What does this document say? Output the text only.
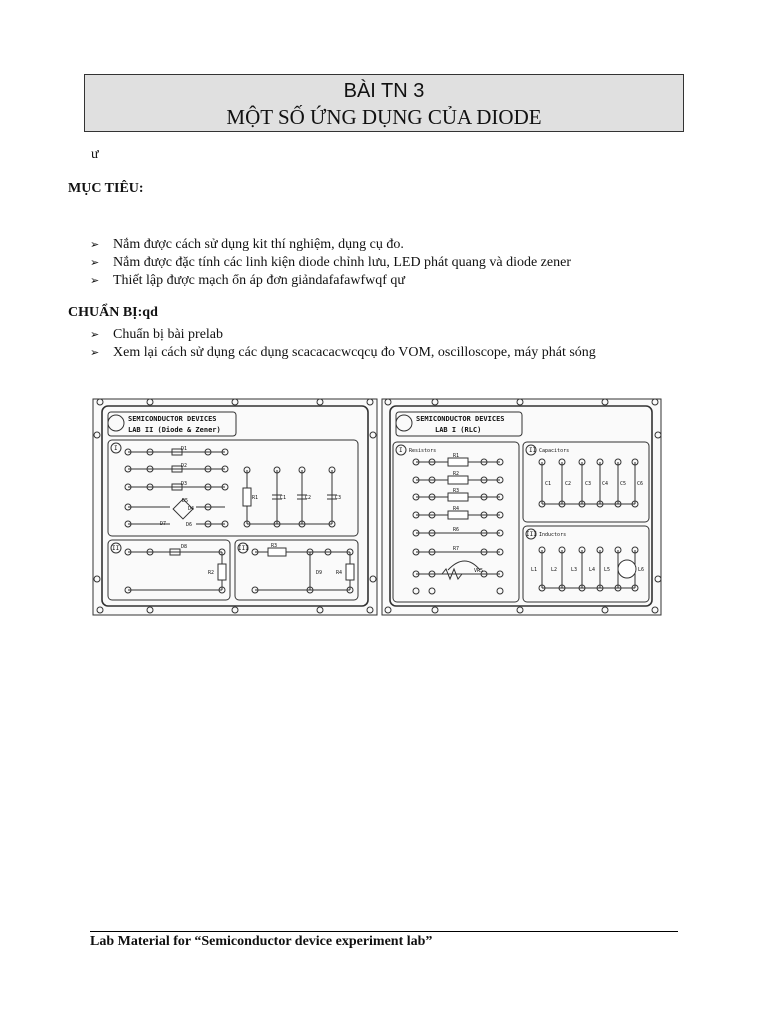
BÀI TN 3
MỘT SỐ ỨNG DỤNG CỦA DIODE
ư
MỤC TIÊU:
➢ Nắm được cách sử dụng kit thí nghiệm, dụng cụ đo.
➢ Nắm được đặc tính các linh kiện diode chỉnh lưu, LED phát quang và diode zener
➢ Thiết lập được mạch ổn áp đơn giảndafafawfwqf qư
CHUẨN BỊ:qd
➢ Chuẩn bị bài prelab
➢ Xem lại cách sử dụng các dụng scacacacwcqcụ đo VOM, oscilloscope, máy phát sóng
SEMICONDUCTOR DEVICES
LAB II (Diode & Zener)
I
II	III
D1
D2
D3
D4
D5
D6
D7
R1	C1	C2	C3
D8
R2
R3
D9	R4
SEMICONDUCTOR DEVICES
LAB I (RLC)
I Resistors	II Capacitors
III Inductors
R1
R2
R3
R4
R6
R7
VR5
C1	C2	C3 C4 C5 C6
L1	L2	L3 L4 L5	L6
Lab Material for “Semiconductor device experiment lab”
